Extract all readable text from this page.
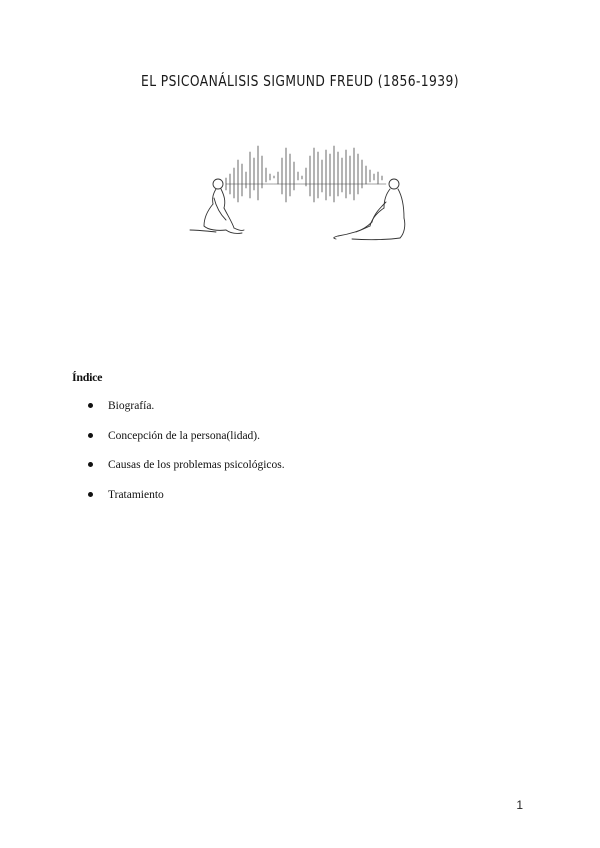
EL PSICOANÁLISIS SIGMUND FREUD (1856-1939)
Índice
Biografía.
Concepción de la persona(lidad).
Causas de los problemas psicológicos.
Tratamiento
1
